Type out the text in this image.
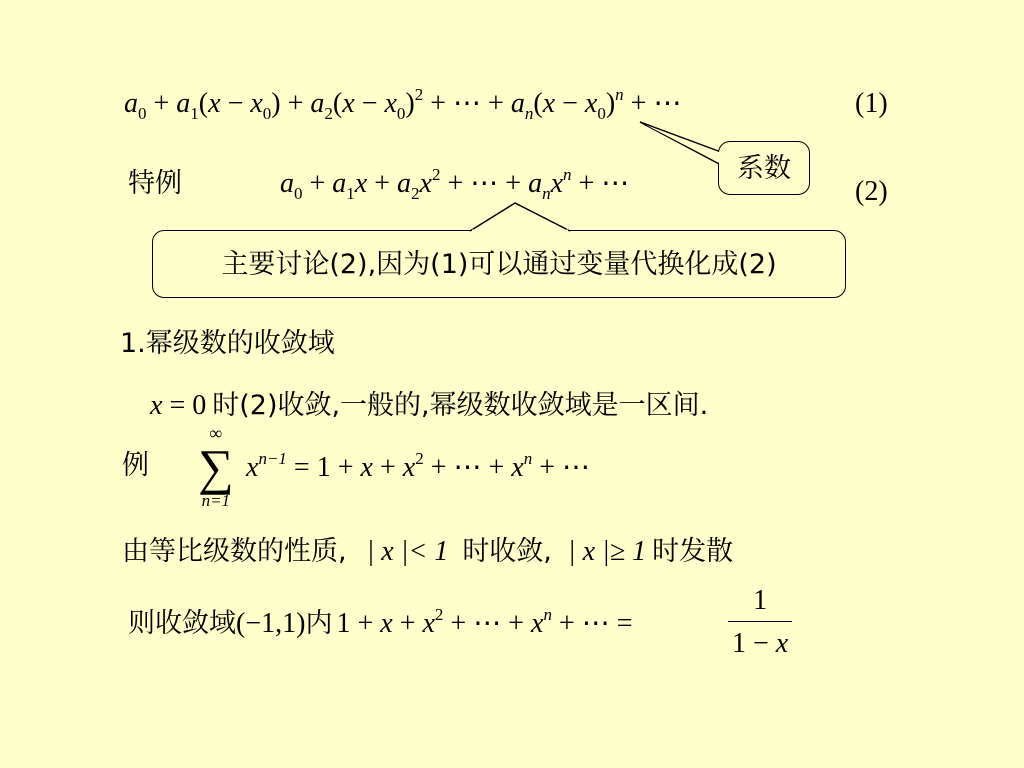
$a_0 + a_1(x - x_0) + a_2(x - x_0)^2$ + ⋯ + $a_n(x - x_0)^n$ + ⋯	(1)
系数
特例	$a_0 + a_1x + a_2x^2$ + ⋯ + $a_nx^n$ + ⋯	(2)
主要讨论(2),因为(1)可以通过变量代换化成(2)
1.幂级数的收敛域
x = 0 时(2)收敛,一般的,幂级数收敛域是一区间.
例
∞
∑
n=1
$x^{n-1} = 1 + x + x^2$ + ⋯ + $x^n$ + ⋯
由等比级数的性质, | x |< 1 时收敛, | x |≥ 1 时发散
则收敛域 (−1,1) 内 $1 + x + x^2$ + ⋯ + $x^n$ + ⋯ =
1
1 − x
